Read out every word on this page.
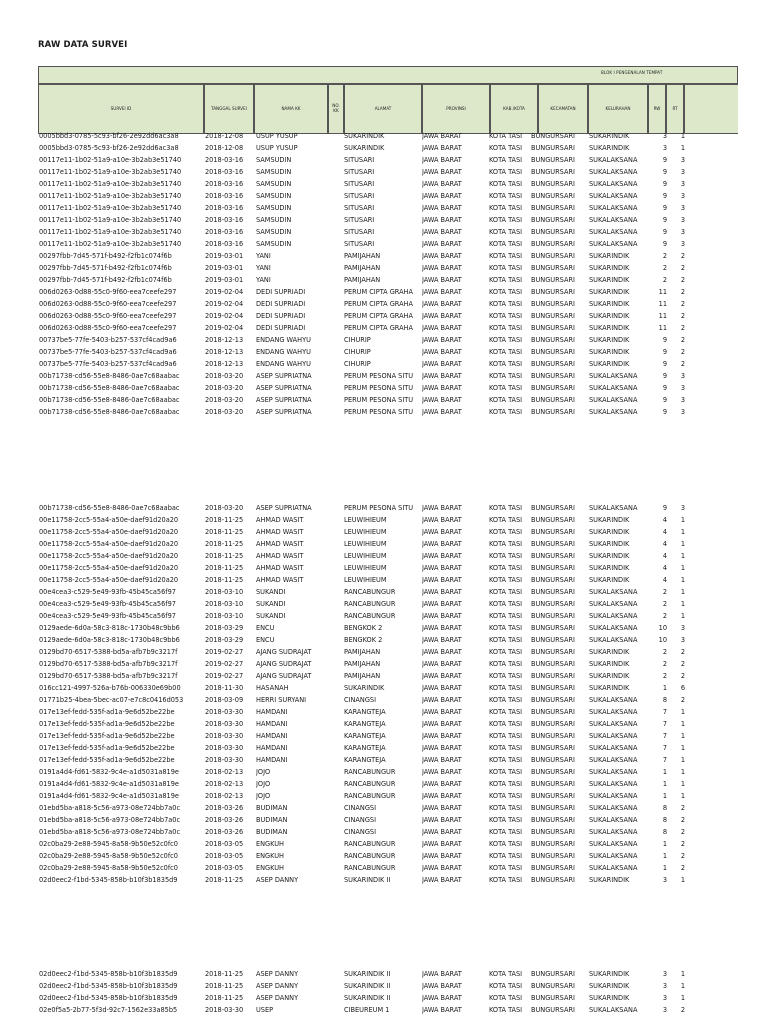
RAW DATA SURVEI
BLOK I PENGENALAN TEMPAT
SURVEI ID	TANGGAL SURVEI	NAMA KK	NO. KK	ALAMAT	PROVINSI	KAB./KOTA	KECAMATAN	KELURAHAN	RW	RT
0005bbd3-0785-5c93-bf26-2e92dd6ac3a8	2018-12-08	USUP YUSUP	SUKARINDIK	JAWA BARAT	KOTA TASI	BUNGURSARI	SUKARINDIK	3	1
0005bbd3-0785-5c93-bf26-2e92dd6ac3a8	2018-12-08	USUP YUSUP	SUKARINDIK	JAWA BARAT	KOTA TASI	BUNGURSARI	SUKARINDIK	3	1
00117e11-1b02-51a9-a10e-3b2ab3e51740	2018-03-16	SAMSUDIN	SITUSARI	JAWA BARAT	KOTA TASI	BUNGURSARI	SUKALAKSANA	9	3
00117e11-1b02-51a9-a10e-3b2ab3e51740	2018-03-16	SAMSUDIN	SITUSARI	JAWA BARAT	KOTA TASI	BUNGURSARI	SUKALAKSANA	9	3
00117e11-1b02-51a9-a10e-3b2ab3e51740	2018-03-16	SAMSUDIN	SITUSARI	JAWA BARAT	KOTA TASI	BUNGURSARI	SUKALAKSANA	9	3
00117e11-1b02-51a9-a10e-3b2ab3e51740	2018-03-16	SAMSUDIN	SITUSARI	JAWA BARAT	KOTA TASI	BUNGURSARI	SUKALAKSANA	9	3
00117e11-1b02-51a9-a10e-3b2ab3e51740	2018-03-16	SAMSUDIN	SITUSARI	JAWA BARAT	KOTA TASI	BUNGURSARI	SUKALAKSANA	9	3
00117e11-1b02-51a9-a10e-3b2ab3e51740	2018-03-16	SAMSUDIN	SITUSARI	JAWA BARAT	KOTA TASI	BUNGURSARI	SUKALAKSANA	9	3
00117e11-1b02-51a9-a10e-3b2ab3e51740	2018-03-16	SAMSUDIN	SITUSARI	JAWA BARAT	KOTA TASI	BUNGURSARI	SUKALAKSANA	9	3
00117e11-1b02-51a9-a10e-3b2ab3e51740	2018-03-16	SAMSUDIN	SITUSARI	JAWA BARAT	KOTA TASI	BUNGURSARI	SUKALAKSANA	9	3
00297fbb-7d45-571f-b492-f2fb1c074f6b	2019-03-01	YANI	PAMIJAHAN	JAWA BARAT	KOTA TASI	BUNGURSARI	SUKARINDIK	2	2
00297fbb-7d45-571f-b492-f2fb1c074f6b	2019-03-01	YANI	PAMIJAHAN	JAWA BARAT	KOTA TASI	BUNGURSARI	SUKARINDIK	2	2
00297fbb-7d45-571f-b492-f2fb1c074f6b	2019-03-01	YANI	PAMIJAHAN	JAWA BARAT	KOTA TASI	BUNGURSARI	SUKARINDIK	2	2
006d0263-0d88-55c0-9f60-eea7ceefe297	2019-02-04	DEDI SUPRIADI	PERUM CIPTA GRAHA	JAWA BARAT	KOTA TASI	BUNGURSARI	SUKARINDIK	11	2
006d0263-0d88-55c0-9f60-eea7ceefe297	2019-02-04	DEDI SUPRIADI	PERUM CIPTA GRAHA	JAWA BARAT	KOTA TASI	BUNGURSARI	SUKARINDIK	11	2
006d0263-0d88-55c0-9f60-eea7ceefe297	2019-02-04	DEDI SUPRIADI	PERUM CIPTA GRAHA	JAWA BARAT	KOTA TASI	BUNGURSARI	SUKARINDIK	11	2
006d0263-0d88-55c0-9f60-eea7ceefe297	2019-02-04	DEDI SUPRIADI	PERUM CIPTA GRAHA	JAWA BARAT	KOTA TASI	BUNGURSARI	SUKARINDIK	11	2
00737be5-77fe-5403-b257-537cf4cad9a6	2018-12-13	ENDANG WAHYU	CIHURIP	JAWA BARAT	KOTA TASI	BUNGURSARI	SUKARINDIK	9	2
00737be5-77fe-5403-b257-537cf4cad9a6	2018-12-13	ENDANG WAHYU	CIHURIP	JAWA BARAT	KOTA TASI	BUNGURSARI	SUKARINDIK	9	2
00737be5-77fe-5403-b257-537cf4cad9a6	2018-12-13	ENDANG WAHYU	CIHURIP	JAWA BARAT	KOTA TASI	BUNGURSARI	SUKARINDIK	9	2
00b71738-cd56-55e8-8486-0ae7c68aabac	2018-03-20	ASEP SUPRIATNA	PERUM PESONA SITU	JAWA BARAT	KOTA TASI	BUNGURSARI	SUKALAKSANA	9	3
00b71738-cd56-55e8-8486-0ae7c68aabac	2018-03-20	ASEP SUPRIATNA	PERUM PESONA SITU	JAWA BARAT	KOTA TASI	BUNGURSARI	SUKALAKSANA	9	3
00b71738-cd56-55e8-8486-0ae7c68aabac	2018-03-20	ASEP SUPRIATNA	PERUM PESONA SITU	JAWA BARAT	KOTA TASI	BUNGURSARI	SUKALAKSANA	9	3
00b71738-cd56-55e8-8486-0ae7c68aabac	2018-03-20	ASEP SUPRIATNA	PERUM PESONA SITU	JAWA BARAT	KOTA TASI	BUNGURSARI	SUKALAKSANA	9	3
00b71738-cd56-55e8-8486-0ae7c68aabac	2018-03-20	ASEP SUPRIATNA	PERUM PESONA SITU	JAWA BARAT	KOTA TASI	BUNGURSARI	SUKALAKSANA	9	3
00e11758-2cc5-55a4-a50e-daef91d20a20	2018-11-25	AHMAD WASIT	LEUWIHIEUM	JAWA BARAT	KOTA TASI	BUNGURSARI	SUKARINDIK	4	1
00e11758-2cc5-55a4-a50e-daef91d20a20	2018-11-25	AHMAD WASIT	LEUWIHIEUM	JAWA BARAT	KOTA TASI	BUNGURSARI	SUKARINDIK	4	1
00e11758-2cc5-55a4-a50e-daef91d20a20	2018-11-25	AHMAD WASIT	LEUWIHIEUM	JAWA BARAT	KOTA TASI	BUNGURSARI	SUKARINDIK	4	1
00e11758-2cc5-55a4-a50e-daef91d20a20	2018-11-25	AHMAD WASIT	LEUWIHIEUM	JAWA BARAT	KOTA TASI	BUNGURSARI	SUKARINDIK	4	1
00e11758-2cc5-55a4-a50e-daef91d20a20	2018-11-25	AHMAD WASIT	LEUWIHIEUM	JAWA BARAT	KOTA TASI	BUNGURSARI	SUKARINDIK	4	1
00e11758-2cc5-55a4-a50e-daef91d20a20	2018-11-25	AHMAD WASIT	LEUWIHIEUM	JAWA BARAT	KOTA TASI	BUNGURSARI	SUKARINDIK	4	1
00e4cea3-c529-5e49-93fb-45b45ca56f97	2018-03-10	SUKANDI	RANCABUNGUR	JAWA BARAT	KOTA TASI	BUNGURSARI	SUKALAKSANA	2	1
00e4cea3-c529-5e49-93fb-45b45ca56f97	2018-03-10	SUKANDI	RANCABUNGUR	JAWA BARAT	KOTA TASI	BUNGURSARI	SUKALAKSANA	2	1
00e4cea3-c529-5e49-93fb-45b45ca56f97	2018-03-10	SUKANDI	RANCABUNGUR	JAWA BARAT	KOTA TASI	BUNGURSARI	SUKALAKSANA	2	1
0129aede-6d0a-58c3-818c-1730b48c9bb6	2018-03-29	ENCU	BENGKOK 2	JAWA BARAT	KOTA TASI	BUNGURSARI	SUKALAKSANA	10	3
0129aede-6d0a-58c3-818c-1730b48c9bb6	2018-03-29	ENCU	BENGKOK 2	JAWA BARAT	KOTA TASI	BUNGURSARI	SUKALAKSANA	10	3
0129bd70-6517-5388-bd5a-afb7b9c3217f	2019-02-27	AJANG SUDRAJAT	PAMIJAHAN	JAWA BARAT	KOTA TASI	BUNGURSARI	SUKARINDIK	2	2
0129bd70-6517-5388-bd5a-afb7b9c3217f	2019-02-27	AJANG SUDRAJAT	PAMIJAHAN	JAWA BARAT	KOTA TASI	BUNGURSARI	SUKARINDIK	2	2
0129bd70-6517-5388-bd5a-afb7b9c3217f	2019-02-27	AJANG SUDRAJAT	PAMIJAHAN	JAWA BARAT	KOTA TASI	BUNGURSARI	SUKARINDIK	2	2
016cc121-4997-526a-b76b-006330e69b00	2018-11-30	HASANAH	SUKARINDIK	JAWA BARAT	KOTA TASI	BUNGURSARI	SUKARINDIK	1	6
01771b25-4bea-5bec-ac07-e7c8c0416d053	2018-03-09	HERRI SURYANI	CINANGSI	JAWA BARAT	KOTA TASI	BUNGURSARI	SUKALAKSANA	8	2
017e13ef-fedd-535f-ad1a-9e6d52be22be	2018-03-30	HAMDANI	KARANGTEJA	JAWA BARAT	KOTA TASI	BUNGURSARI	SUKALAKSANA	7	1
017e13ef-fedd-535f-ad1a-9e6d52be22be	2018-03-30	HAMDANI	KARANGTEJA	JAWA BARAT	KOTA TASI	BUNGURSARI	SUKALAKSANA	7	1
017e13ef-fedd-535f-ad1a-9e6d52be22be	2018-03-30	HAMDANI	KARANGTEJA	JAWA BARAT	KOTA TASI	BUNGURSARI	SUKALAKSANA	7	1
017e13ef-fedd-535f-ad1a-9e6d52be22be	2018-03-30	HAMDANI	KARANGTEJA	JAWA BARAT	KOTA TASI	BUNGURSARI	SUKALAKSANA	7	1
017e13ef-fedd-535f-ad1a-9e6d52be22be	2018-03-30	HAMDANI	KARANGTEJA	JAWA BARAT	KOTA TASI	BUNGURSARI	SUKALAKSANA	7	1
0191a4d4-fd61-5832-9c4e-a1d5031a819e	2018-02-13	JOJO	RANCABUNGUR	JAWA BARAT	KOTA TASI	BUNGURSARI	SUKALAKSANA	1	1
0191a4d4-fd61-5832-9c4e-a1d5031a819e	2018-02-13	JOJO	RANCABUNGUR	JAWA BARAT	KOTA TASI	BUNGURSARI	SUKALAKSANA	1	1
0191a4d4-fd61-5832-9c4e-a1d5031a819e	2018-02-13	JOJO	RANCABUNGUR	JAWA BARAT	KOTA TASI	BUNGURSARI	SUKALAKSANA	1	1
01ebd5ba-a818-5c56-a973-08e724bb7a0c	2018-03-26	BUDIMAN	CINANGSI	JAWA BARAT	KOTA TASI	BUNGURSARI	SUKALAKSANA	8	2
01ebd5ba-a818-5c56-a973-08e724bb7a0c	2018-03-26	BUDIMAN	CINANGSI	JAWA BARAT	KOTA TASI	BUNGURSARI	SUKALAKSANA	8	2
01ebd5ba-a818-5c56-a973-08e724bb7a0c	2018-03-26	BUDIMAN	CINANGSI	JAWA BARAT	KOTA TASI	BUNGURSARI	SUKALAKSANA	8	2
02c0ba29-2e88-5945-8a58-9b50e52c0fc0	2018-03-05	ENGKUH	RANCABUNGUR	JAWA BARAT	KOTA TASI	BUNGURSARI	SUKALAKSANA	1	2
02c0ba29-2e88-5945-8a58-9b50e52c0fc0	2018-03-05	ENGKUH	RANCABUNGUR	JAWA BARAT	KOTA TASI	BUNGURSARI	SUKALAKSANA	1	2
02c0ba29-2e88-5945-8a58-9b50e52c0fc0	2018-03-05	ENGKUH	RANCABUNGUR	JAWA BARAT	KOTA TASI	BUNGURSARI	SUKALAKSANA	1	2
02d0eec2-f1bd-5345-858b-b10f3b1835d9	2018-11-25	ASEP DANNY	SUKARINDIK II	JAWA BARAT	KOTA TASI	BUNGURSARI	SUKARINDIK	3	1
02d0eec2-f1bd-5345-858b-b10f3b1835d9	2018-11-25	ASEP DANNY	SUKARINDIK II	JAWA BARAT	KOTA TASI	BUNGURSARI	SUKARINDIK	3	1
02d0eec2-f1bd-5345-858b-b10f3b1835d9	2018-11-25	ASEP DANNY	SUKARINDIK II	JAWA BARAT	KOTA TASI	BUNGURSARI	SUKARINDIK	3	1
02d0eec2-f1bd-5345-858b-b10f3b1835d9	2018-11-25	ASEP DANNY	SUKARINDIK II	JAWA BARAT	KOTA TASI	BUNGURSARI	SUKARINDIK	3	1
02e0f5a5-2b77-5f3d-92c7-1562e33a85b5	2018-03-30	USEP	CIBEUREUM 1	JAWA BARAT	KOTA TASI	BUNGURSARI	SUKALAKSANA	3	2
